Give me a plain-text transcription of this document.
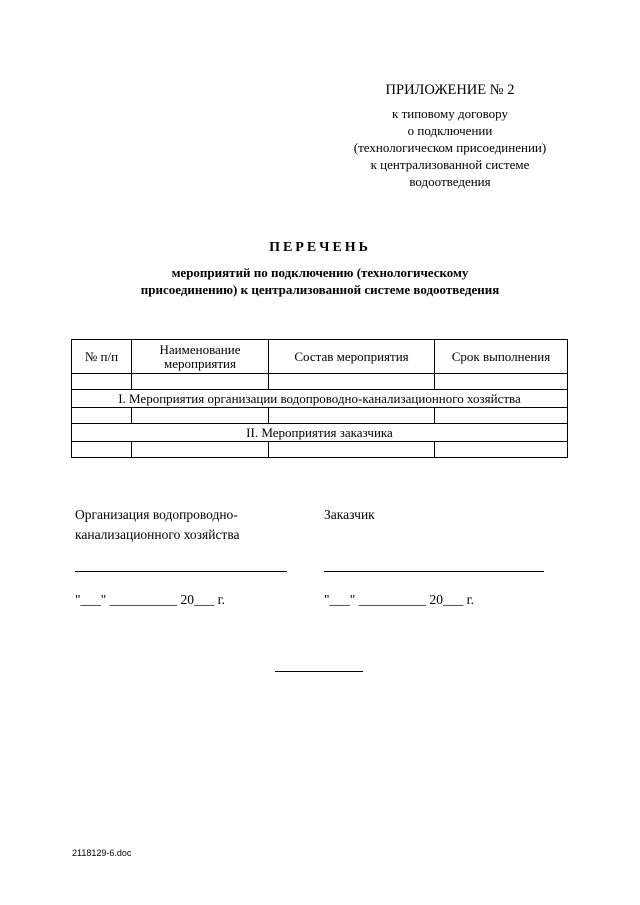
ПРИЛОЖЕНИЕ № 2
к типовому договору
о подключении
(технологическом присоединении)
к централизованной системе
водоотведения
ПЕРЕЧЕНЬ
мероприятий по подключению (технологическому
присоединению) к централизованной системе водоотведения
№ п/п	Наименование мероприятия	Состав мероприятия	Срок выполнения

I. Мероприятия организации водопроводно-канализационного хозяйства			

II. Мероприятия заказчика			

Организация водопроводно-
канализационного хозяйства
Заказчик
"___" __________ 20___ г.	"___" __________ 20___ г.
2118129-6.doc
